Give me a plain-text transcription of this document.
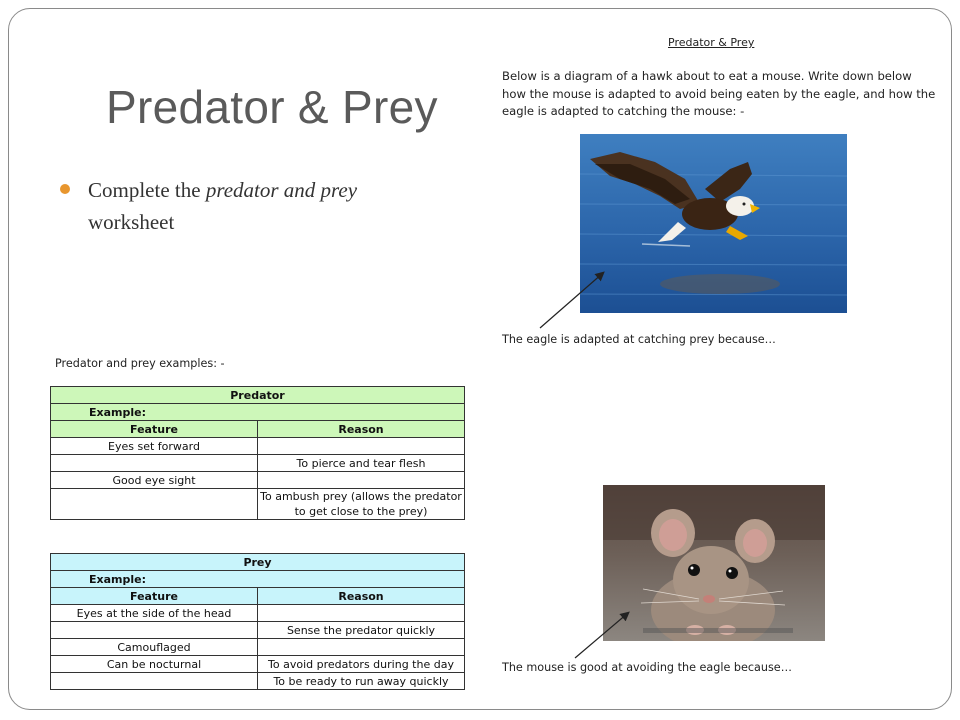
Predator & Prey
Complete the predator and prey worksheet
Predator & Prey
Below is a diagram of a hawk about to eat a mouse. Write down below how the mouse is adapted to avoid being eaten by the eagle, and how the eagle is adapted to catching the mouse: -
The eagle is adapted at catching prey because…
The mouse is good at avoiding the eagle because…
Predator and prey examples: -
Predator	
Example:	
Feature	Reason
Eyes set forward	
	To pierce and tear flesh
Good eye sight	
	To ambush prey (allows the predator to get close to the prey)
Prey	
Example:	
Feature	Reason
Eyes at the side of the head	
	Sense the predator quickly
Camouflaged	
Can be nocturnal	To avoid predators during the day
	To be ready to run away quickly
